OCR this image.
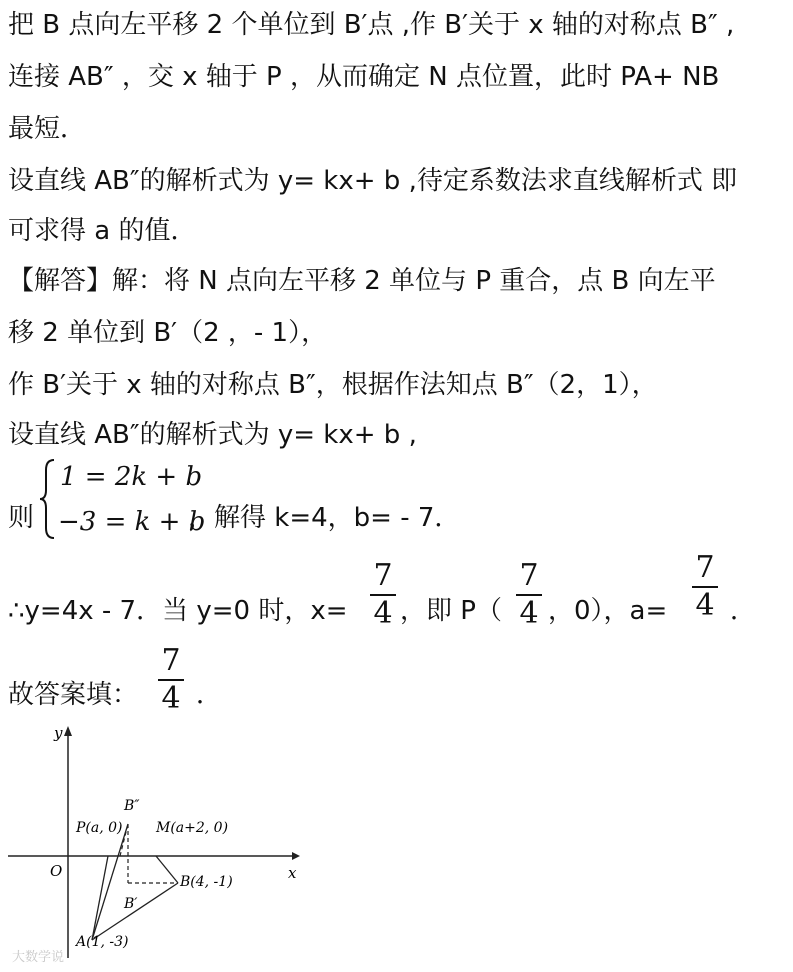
把 B 点向左平移 2 个单位到 B′点 ,作 B′关于 x 轴的对称点 B″ ,
连接 AB″ ，交 x 轴于 P ，从而确定 N 点位置，此时 PA+ NB
最短．
设直线 AB″的解析式为 y= kx+ b ,待定系数法求直线解析式 即
可求得 a 的值．
【解答】解：将 N 点向左平移 2 单位与 P 重合，点 B 向左平
移 2 单位到 B′（2 ，- 1），
作 B′关于 x 轴的对称点 B″，根据作法知点 B″（2，1），
设直线 AB″的解析式为 y= kx+ b ,
则
1 = 2k + b
−3 = k + b
，解得 k=4，b= - 7．
∴y=4x - 7．当 y=0 时，x=
7
4 ，即 P（
7
4 ，0），a=
7
4 ．
故答案填：
7
4 ．
y
x
O
B″
P(a, 0) M(a+2, 0)
B(4, -1)
B′
A(1, -3)
大数学说
